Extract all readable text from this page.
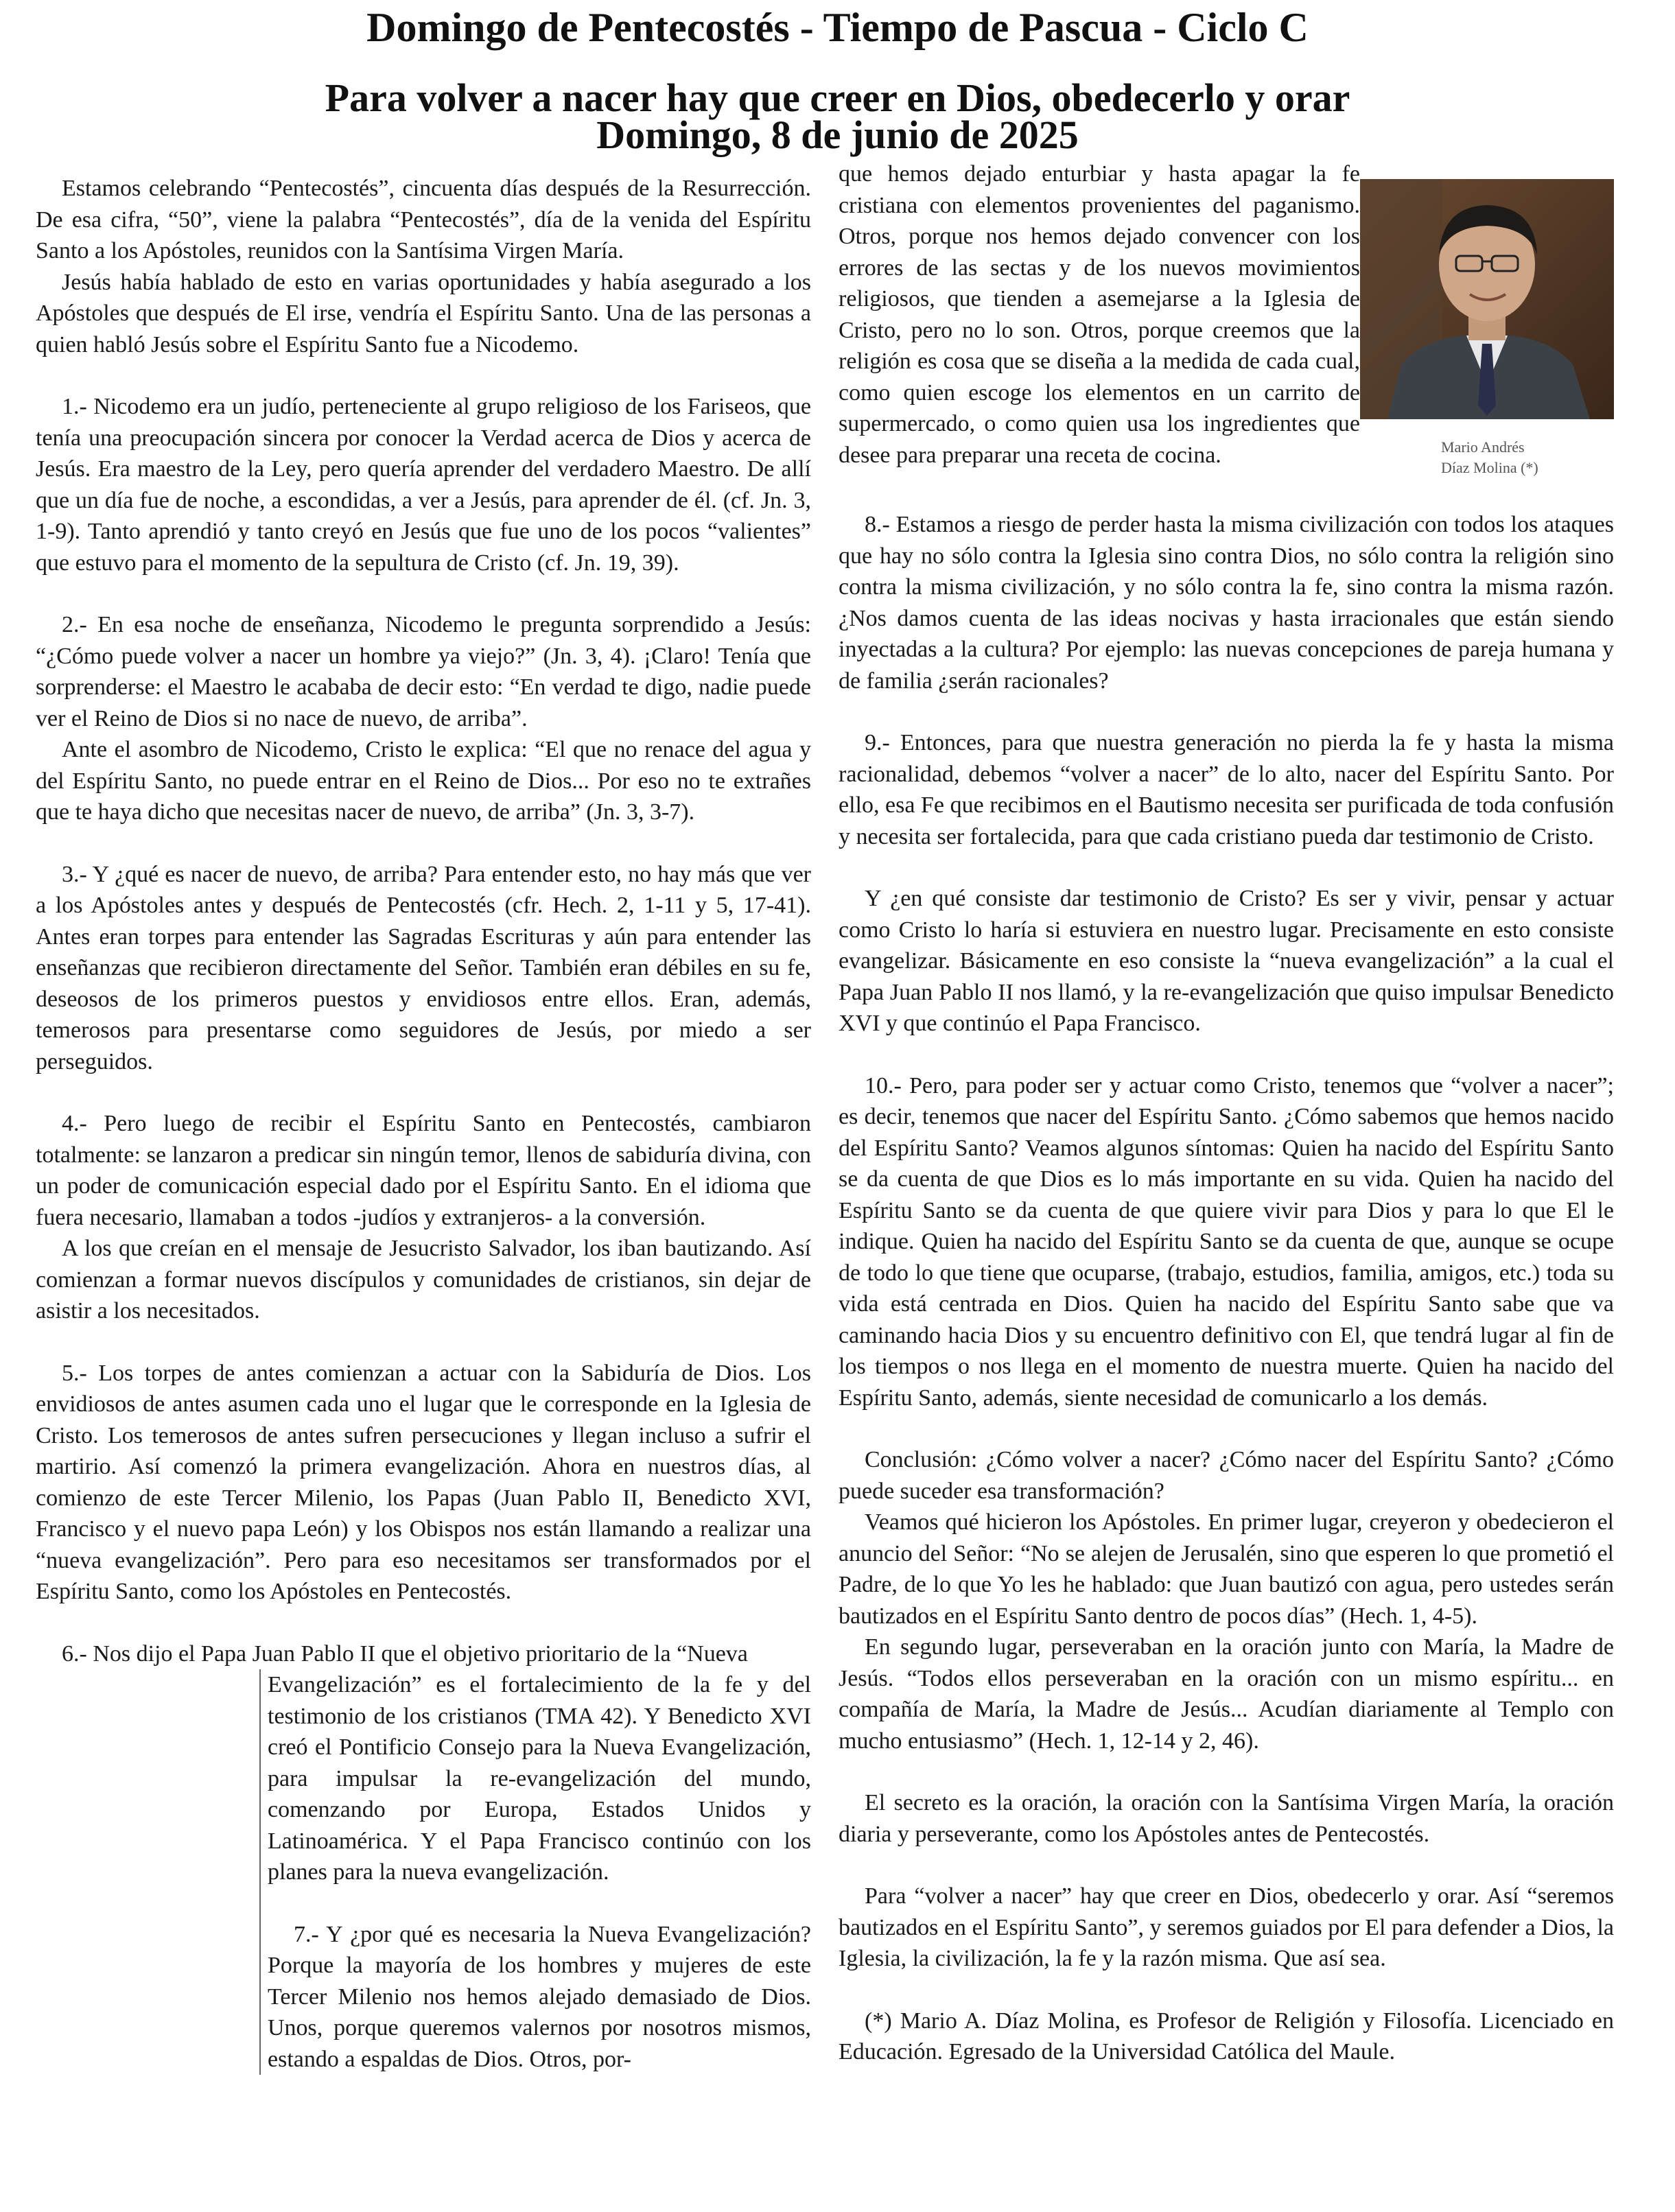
Domingo de Pentecostés - Tiempo de Pascua - Ciclo C
Para volver a nacer hay que creer en Dios, obedecerlo y orar
Domingo, 8 de junio de 2025

Estamos celebrando “Pentecostés”, cincuenta días después de la Resurrección. De esa cifra, “50”, viene la palabra “Pentecostés”, día de la venida del Espíritu Santo a los Apóstoles, reunidos con la Santísima Virgen María.

Jesús había hablado de esto en varias oportunidades y había asegurado a los Apóstoles que después de El irse, vendría el Espíritu Santo. Una de las personas a quien habló Jesús sobre el Espíritu Santo fue a Nicodemo.

1.- Nicodemo era un judío, perteneciente al grupo religioso de los Fariseos, que tenía una preocupación sincera por conocer la Verdad acerca de Dios y acerca de Jesús. Era maestro de la Ley, pero quería aprender del verdadero Maestro. De allí que un día fue de noche, a escondidas, a ver a Jesús, para aprender de él. (cf. Jn. 3, 1-9). Tanto aprendió y tanto creyó en Jesús que fue uno de los pocos “valientes” que estuvo para el momento de la sepultura de Cristo (cf. Jn. 19, 39).

2.- En esa noche de enseñanza, Nicodemo le pregunta sorprendido a Jesús: “¿Cómo puede volver a nacer un hombre ya viejo?” (Jn. 3, 4). ¡Claro! Tenía que sorprenderse: el Maestro le acababa de decir esto: “En verdad te digo, nadie puede ver el Reino de Dios si no nace de nuevo, de arriba”.

Ante el asombro de Nicodemo, Cristo le explica: “El que no renace del agua y del Espíritu Santo, no puede entrar en el Reino de Dios... Por eso no te extrañes que te haya dicho que necesitas nacer de nuevo, de arriba” (Jn. 3, 3-7).

3.- Y ¿qué es nacer de nuevo, de arriba? Para entender esto, no hay más que ver a los Apóstoles antes y después de Pentecostés (cfr. Hech. 2, 1-11 y 5, 17-41). Antes eran torpes para entender las Sagradas Escrituras y aún para entender las enseñanzas que recibieron directamente del Señor. También eran débiles en su fe, deseosos de los primeros puestos y envidiosos entre ellos. Eran, además, temerosos para presentarse como seguidores de Jesús, por miedo a ser perseguidos.

4.- Pero luego de recibir el Espíritu Santo en Pentecostés, cambiaron totalmente: se lanzaron a predicar sin ningún temor, llenos de sabiduría divina, con un poder de comunicación especial dado por el Espíritu Santo. En el idioma que fuera necesario, llamaban a todos -judíos y extranjeros- a la conversión.

A los que creían en el mensaje de Jesucristo Salvador, los iban bautizando. Así comienzan a formar nuevos discípulos y comunidades de cristianos, sin dejar de asistir a los necesitados.

5.- Los torpes de antes comienzan a actuar con la Sabiduría de Dios. Los envidiosos de antes asumen cada uno el lugar que le corresponde en la Iglesia de Cristo. Los temerosos de antes sufren persecuciones y llegan incluso a sufrir el martirio. Así comenzó la primera evangelización. Ahora en nuestros días, al comienzo de este Tercer Milenio, los Papas (Juan Pablo II, Benedicto XVI, Francisco y el nuevo papa León) y los Obispos nos están llamando a realizar una “nueva evangelización”. Pero para eso necesitamos ser transformados por el Espíritu Santo, como los Apóstoles en Pentecostés.

6.- Nos dijo el Papa Juan Pablo II que el objetivo prioritario de la “Nueva

Evangelización” es el fortalecimiento de la fe y del testimonio de los cristianos (TMA 42). Y Benedicto XVI creó el Pontificio Consejo para la Nueva Evangelización, para impulsar la re-evangelización del mundo, comenzando por Europa, Estados Unidos y Latinoamérica. Y el Papa Francisco continúo con los planes para la nueva evangelización.

7.- Y ¿por qué es necesaria la Nueva Evangelización? Porque la mayoría de los hombres y mujeres de este Tercer Milenio nos hemos alejado demasiado de Dios. Unos, porque queremos valernos por nosotros mismos, estando a espaldas de Dios. Otros, por-

que hemos dejado enturbiar y hasta apagar la fe cristiana con elementos provenientes del paganismo. Otros, porque nos hemos dejado convencer con los errores de las sectas y de los nuevos movimientos religiosos, que tienden a asemejarse a la Iglesia de Cristo, pero no lo son. Otros, porque creemos que la religión es cosa que se diseña a la medida de cada cual, como quien escoge los elementos en un carrito de supermercado, o como quien usa los ingredientes que desee para preparar una receta de cocina.	Mario Andrés
Díaz Molina (*)

8.- Estamos a riesgo de perder hasta la misma civilización con todos los ataques que hay no sólo contra la Iglesia sino contra Dios, no sólo contra la religión sino contra la misma civilización, y no sólo contra la fe, sino contra la misma razón. ¿Nos damos cuenta de las ideas nocivas y hasta irracionales que están siendo inyectadas a la cultura? Por ejemplo: las nuevas concepciones de pareja humana y de familia ¿serán racionales?

9.- Entonces, para que nuestra generación no pierda la fe y hasta la misma racionalidad, debemos “volver a nacer” de lo alto, nacer del Espíritu Santo. Por ello, esa Fe que recibimos en el Bautismo necesita ser purificada de toda confusión y necesita ser fortalecida, para que cada cristiano pueda dar testimonio de Cristo.

Y ¿en qué consiste dar testimonio de Cristo? Es ser y vivir, pensar y actuar como Cristo lo haría si estuviera en nuestro lugar. Precisamente en esto consiste evangelizar. Básicamente en eso consiste la “nueva evangelización” a la cual el Papa Juan Pablo II nos llamó, y la re-evangelización que quiso impulsar Benedicto XVI y que continúo el Papa Francisco.

10.- Pero, para poder ser y actuar como Cristo, tenemos que “volver a nacer”; es decir, tenemos que nacer del Espíritu Santo. ¿Cómo sabemos que hemos nacido del Espíritu Santo? Veamos algunos síntomas: Quien ha nacido del Espíritu Santo se da cuenta de que Dios es lo más importante en su vida. Quien ha nacido del Espíritu Santo se da cuenta de que quiere vivir para Dios y para lo que El le indique. Quien ha nacido del Espíritu Santo se da cuenta de que, aunque se ocupe de todo lo que tiene que ocuparse, (trabajo, estudios, familia, amigos, etc.) toda su vida está centrada en Dios. Quien ha nacido del Espíritu Santo sabe que va caminando hacia Dios y su encuentro definitivo con El, que tendrá lugar al fin de los tiempos o nos llega en el momento de nuestra muerte. Quien ha nacido del Espíritu Santo, además, siente necesidad de comunicarlo a los demás.

Conclusión: ¿Cómo volver a nacer? ¿Cómo nacer del Espíritu Santo? ¿Cómo puede suceder esa transformación?

Veamos qué hicieron los Apóstoles. En primer lugar, creyeron y obedecieron el anuncio del Señor: “No se alejen de Jerusalén, sino que esperen lo que prometió el Padre, de lo que Yo les he hablado: que Juan bautizó con agua, pero ustedes serán bautizados en el Espíritu Santo dentro de pocos días” (Hech. 1, 4-5).

En segundo lugar, perseveraban en la oración junto con María, la Madre de Jesús. “Todos ellos perseveraban en la oración con un mismo espíritu... en compañía de María, la Madre de Jesús... Acudían diariamente al Templo con mucho entusiasmo” (Hech. 1, 12-14 y 2, 46).

El secreto es la oración, la oración con la Santísima Virgen María, la oración diaria y perseverante, como los Apóstoles antes de Pentecostés.

Para “volver a nacer” hay que creer en Dios, obedecerlo y orar. Así “seremos bautizados en el Espíritu Santo”, y seremos guiados por El para defender a Dios, la Iglesia, la civilización, la fe y la razón misma. Que así sea.

(*) Mario A. Díaz Molina, es Profesor de Religión y Filosofía. Licenciado en Educación. Egresado de la Universidad Católica del Maule.
